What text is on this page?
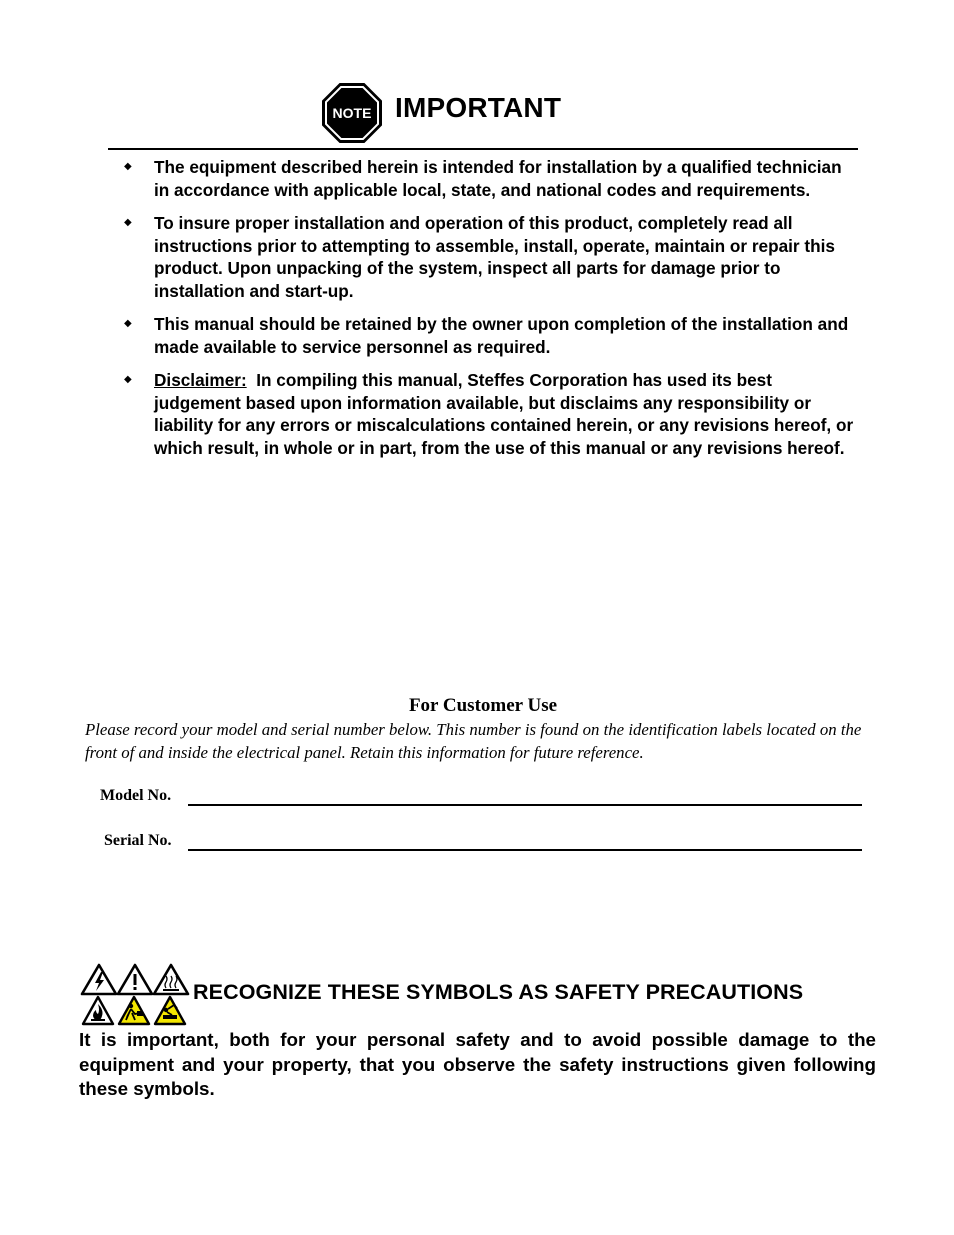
NOTE IMPORTANT
◆ The equipment described herein is intended for installation by a qualified technician in accordance with applicable local, state, and national codes and requirements.
◆ To insure proper installation and operation of this product, completely read all instructions prior to attempting to assemble, install, operate, maintain or repair this product. Upon unpacking of the system, inspect all parts for damage prior to installation and start-up.
◆ This manual should be retained by the owner upon completion of the installation and made available to service personnel as required.
◆ Disclaimer: In compiling this manual, Steffes Corporation has used its best judgement based upon information available, but disclaims any responsibility or liability for any errors or miscalculations contained herein, or any revisions hereof, or which result, in whole or in part, from the use of this manual or any revisions hereof.
For Customer Use
Please record your model and serial number below. This number is found on the identification labels located on the front of and inside the electrical panel. Retain this information for future reference.
Model No.
Serial No.
RECOGNIZE THESE SYMBOLS AS SAFETY PRECAUTIONS
It is important, both for your personal safety and to avoid possible damage to the equipment and your property, that you observe the safety instructions given following these symbols.
